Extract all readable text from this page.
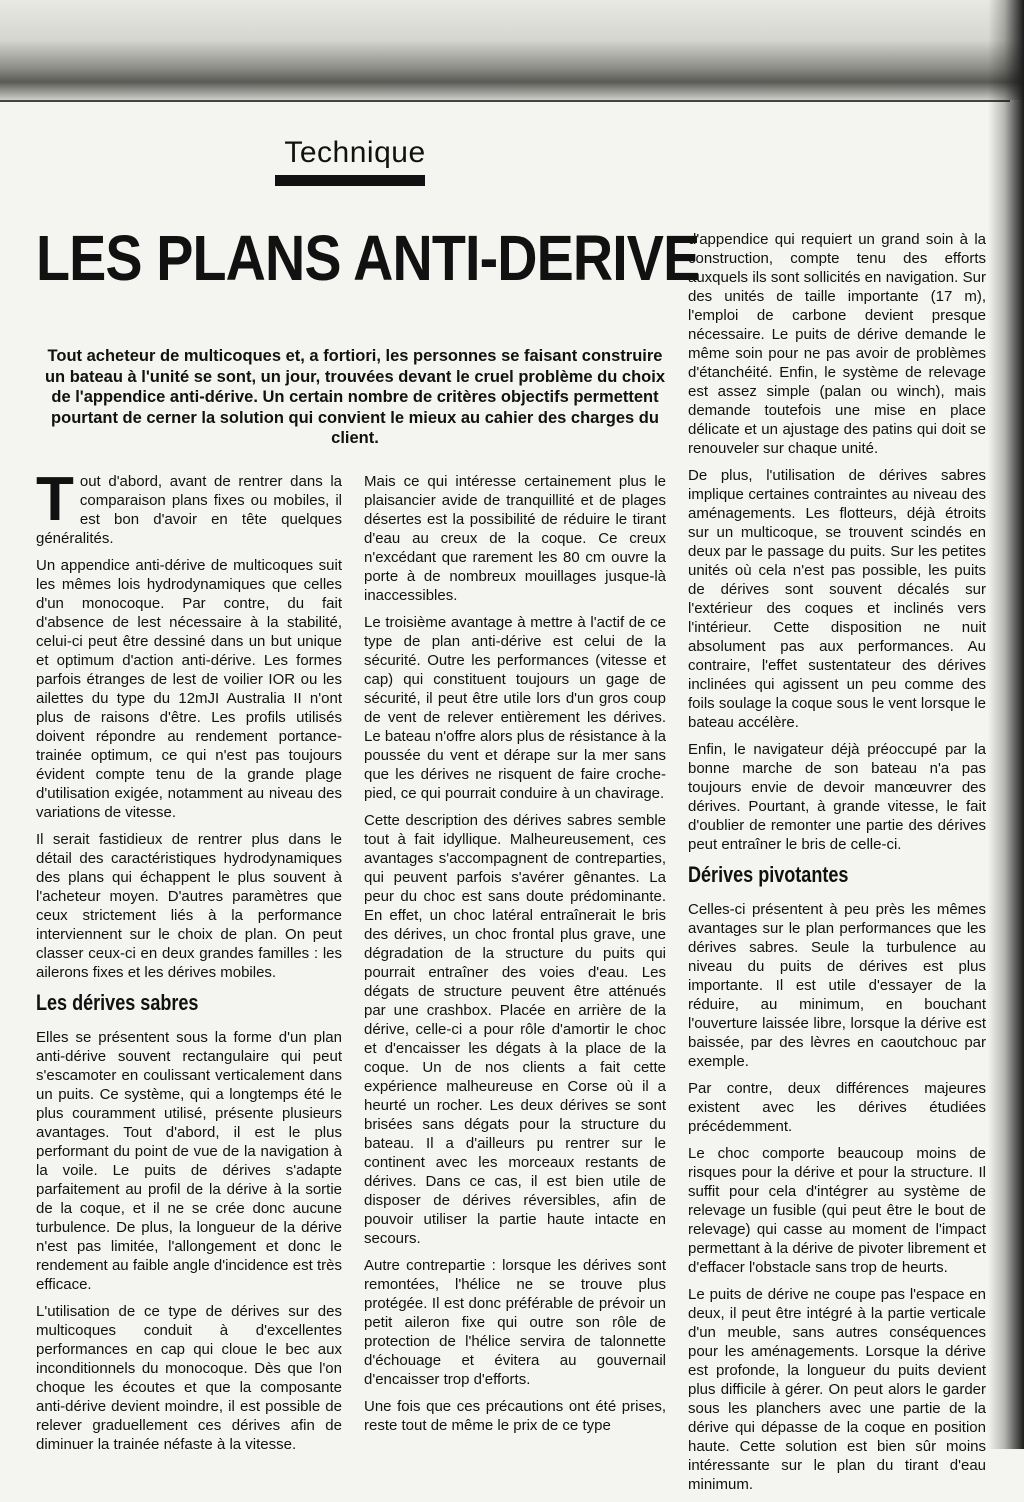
Technique
LES PLANS ANTI-DERIVE
Tout acheteur de multicoques et, a fortiori, les personnes se faisant construire un bateau à l'unité se sont, un jour, trouvées devant le cruel problème du choix de l'appendice anti-dérive. Un certain nombre de critères objectifs permettent pourtant de cerner la solution qui convient le mieux au cahier des charges du client.

Tout d'abord, avant de rentrer dans la comparaison plans fixes ou mobiles, il est bon d'avoir en tête quelques généralités.

Un appendice anti-dérive de multicoques suit les mêmes lois hydrodynamiques que celles d'un monocoque. Par contre, du fait d'absence de lest nécessaire à la stabilité, celui-ci peut être dessiné dans un but unique et optimum d'action anti-dérive. Les formes parfois étranges de lest de voilier IOR ou les ailettes du type du 12mJI Australia II n'ont plus de raisons d'être. Les profils utilisés doivent répondre au rendement portance-trainée optimum, ce qui n'est pas toujours évident compte tenu de la grande plage d'utilisation exigée, notamment au niveau des variations de vitesse.

Il serait fastidieux de rentrer plus dans le détail des caractéristiques hydrodynamiques des plans qui échappent le plus souvent à l'acheteur moyen. D'autres paramètres que ceux strictement liés à la performance interviennent sur le choix de plan. On peut classer ceux-ci en deux grandes familles : les ailerons fixes et les dérives mobiles.

Les dérives sabres

Elles se présentent sous la forme d'un plan anti-dérive souvent rectangulaire qui peut s'escamoter en coulissant verticalement dans un puits. Ce système, qui a longtemps été le plus couramment utilisé, présente plusieurs avantages. Tout d'abord, il est le plus performant du point de vue de la navigation à la voile. Le puits de dérives s'adapte parfaitement au profil de la dérive à la sortie de la coque, et il ne se crée donc aucune turbulence. De plus, la longueur de la dérive n'est pas limitée, l'allongement et donc le rendement au faible angle d'incidence est très efficace.

L'utilisation de ce type de dérives sur des multicoques conduit à d'excellentes performances en cap qui cloue le bec aux inconditionnels du monocoque. Dès que l'on choque les écoutes et que la composante anti-dérive devient moindre, il est possible de relever graduellement ces dérives afin de diminuer la trainée néfaste à la vitesse.

Mais ce qui intéresse certainement plus le plaisancier avide de tranquillité et de plages désertes est la possibilité de réduire le tirant d'eau au creux de la coque. Ce creux n'excédant que rarement les 80 cm ouvre la porte à de nombreux mouillages jusque-là inaccessibles.

Le troisième avantage à mettre à l'actif de ce type de plan anti-dérive est celui de la sécurité. Outre les performances (vitesse et cap) qui constituent toujours un gage de sécurité, il peut être utile lors d'un gros coup de vent de relever entièrement les dérives. Le bateau n'offre alors plus de résistance à la poussée du vent et dérape sur la mer sans que les dérives ne risquent de faire croche-pied, ce qui pourrait conduire à un chavirage.

Cette description des dérives sabres semble tout à fait idyllique. Malheureusement, ces avantages s'accompagnent de contreparties, qui peuvent parfois s'avérer gênantes. La peur du choc est sans doute prédominante. En effet, un choc latéral entraînerait le bris des dérives, un choc frontal plus grave, une dégradation de la structure du puits qui pourrait entraîner des voies d'eau. Les dégats de structure peuvent être atténués par une crashbox. Placée en arrière de la dérive, celle-ci a pour rôle d'amortir le choc et d'encaisser les dégats à la place de la coque. Un de nos clients a fait cette expérience malheureuse en Corse où il a heurté un rocher. Les deux dérives se sont brisées sans dégats pour la structure du bateau. Il a d'ailleurs pu rentrer sur le continent avec les morceaux restants de dérives. Dans ce cas, il est bien utile de disposer de dérives réversibles, afin de pouvoir utiliser la partie haute intacte en secours.

Autre contrepartie : lorsque les dérives sont remontées, l'hélice ne se trouve plus protégée. Il est donc préférable de prévoir un petit aileron fixe qui outre son rôle de protection de l'hélice servira de talonnette d'échouage et évitera au gouvernail d'encaisser trop d'efforts.

Une fois que ces précautions ont été prises, reste tout de même le prix de ce type

d'appendice qui requiert un grand soin à la construction, compte tenu des efforts auxquels ils sont sollicités en navigation. Sur des unités de taille importante (17 m), l'emploi de carbone devient presque nécessaire. Le puits de dérive demande le même soin pour ne pas avoir de problèmes d'étanchéité. Enfin, le système de relevage est assez simple (palan ou winch), mais demande toutefois une mise en place délicate et un ajustage des patins qui doit se renouveler sur chaque unité.

De plus, l'utilisation de dérives sabres implique certaines contraintes au niveau des aménagements. Les flotteurs, déjà étroits sur un multicoque, se trouvent scindés en deux par le passage du puits. Sur les petites unités où cela n'est pas possible, les puits de dérives sont souvent décalés sur l'extérieur des coques et inclinés vers l'intérieur. Cette disposition ne nuit absolument pas aux performances. Au contraire, l'effet sustentateur des dérives inclinées qui agissent un peu comme des foils soulage la coque sous le vent lorsque le bateau accélère.

Enfin, le navigateur déjà préoccupé par la bonne marche de son bateau n'a pas toujours envie de devoir manœuvrer des dérives. Pourtant, à grande vitesse, le fait d'oublier de remonter une partie des dérives peut entraîner le bris de celle-ci.

Dérives pivotantes

Celles-ci présentent à peu près les mêmes avantages sur le plan performances que les dérives sabres. Seule la turbulence au niveau du puits de dérives est plus importante. Il est utile d'essayer de la réduire, au minimum, en bouchant l'ouverture laissée libre, lorsque la dérive est baissée, par des lèvres en caoutchouc par exemple.

Par contre, deux différences majeures existent avec les dérives étudiées précédemment.

Le choc comporte beaucoup moins de risques pour la dérive et pour la structure. Il suffit pour cela d'intégrer au système de relevage un fusible (qui peut être le bout de relevage) qui casse au moment de l'impact permettant à la dérive de pivoter librement et d'effacer l'obstacle sans trop de heurts.

Le puits de dérive ne coupe pas l'espace en deux, il peut être intégré à la partie verticale d'un meuble, sans autres conséquences pour les aménagements. Lorsque la dérive est profonde, la longueur du puits devient plus difficile à gérer. On peut alors le garder sous les planchers avec une partie de la dérive qui dépasse de la coque en position haute. Cette solution est bien sûr moins intéressante sur le plan du tirant d'eau minimum.
